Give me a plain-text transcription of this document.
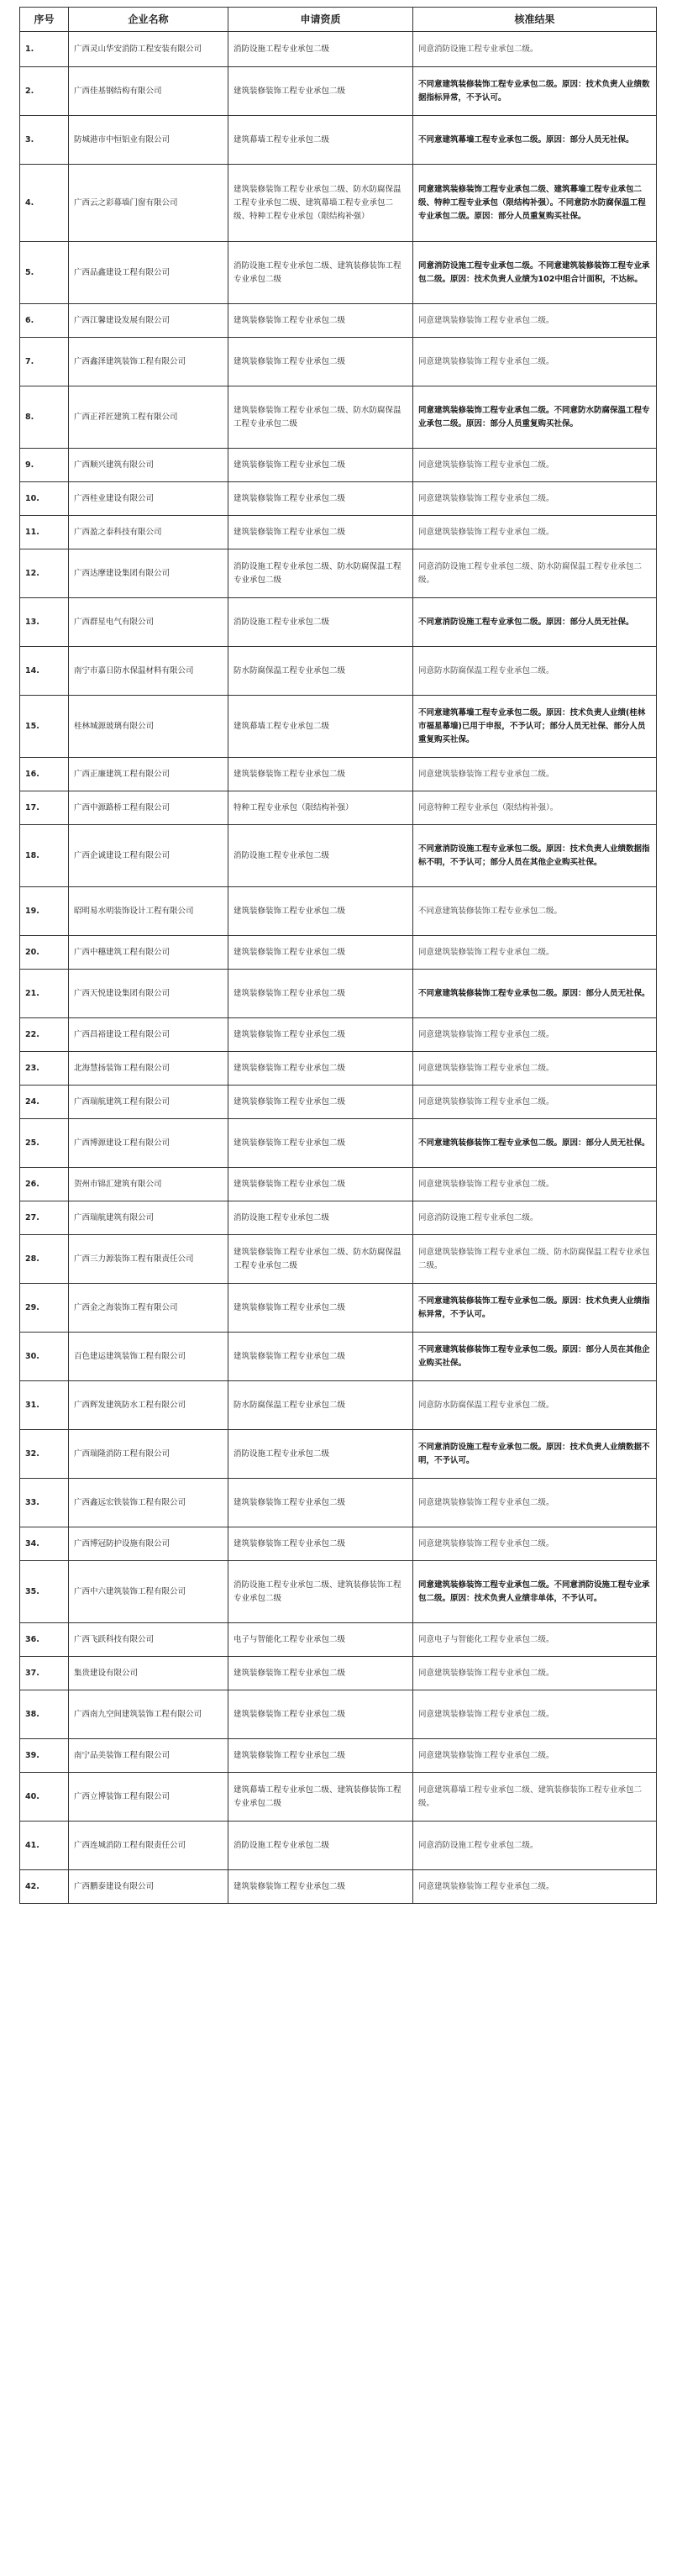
序号	企业名称	申请资质	核准结果
1.	广西灵山华安消防工程安装有限公司	消防设施工程专业承包二级	同意消防设施工程专业承包二级。
2.	广西佳基钢结构有限公司	建筑装修装饰工程专业承包二级	不同意建筑装修装饰工程专业承包二级。原因：技术负责人业绩数据指标异常，不予认可。
3.	防城港市中恒铝业有限公司	建筑幕墙工程专业承包二级	不同意建筑幕墙工程专业承包二级。原因：部分人员无社保。
4.	广西云之彩幕墙门窗有限公司	建筑装修装饰工程专业承包二级、防水防腐保温工程专业承包二级、建筑幕墙工程专业承包二级、特种工程专业承包（限结构补强）	同意建筑装修装饰工程专业承包二级、建筑幕墙工程专业承包二级、特种工程专业承包（限结构补强）。不同意防水防腐保温工程专业承包二级。原因：部分人员重复购买社保。
5.	广西品鑫建设工程有限公司	消防设施工程专业承包二级、建筑装修装饰工程专业承包二级	同意消防设施工程专业承包二级。不同意建筑装修装饰工程专业承包二级。原因：技术负责人业绩为102中组合计面积，不达标。
6.	广西江馨建设发展有限公司	建筑装修装饰工程专业承包二级	同意建筑装修装饰工程专业承包二级。
7.	广西鑫泽建筑装饰工程有限公司	建筑装修装饰工程专业承包二级	同意建筑装修装饰工程专业承包二级。
8.	广西正祥匠建筑工程有限公司	建筑装修装饰工程专业承包二级、防水防腐保温工程专业承包二级	同意建筑装修装饰工程专业承包二级。不同意防水防腐保温工程专业承包二级。原因：部分人员重复购买社保。
9.	广西顺兴建筑有限公司	建筑装修装饰工程专业承包二级	同意建筑装修装饰工程专业承包二级。
10.	广西桂业建设有限公司	建筑装修装饰工程专业承包二级	同意建筑装修装饰工程专业承包二级。
11.	广西盈之泰科技有限公司	建筑装修装饰工程专业承包二级	同意建筑装修装饰工程专业承包二级。
12.	广西达摩建设集团有限公司	消防设施工程专业承包二级、防水防腐保温工程专业承包二级	同意消防设施工程专业承包二级、防水防腐保温工程专业承包二级。
13.	广西群星电气有限公司	消防设施工程专业承包二级	不同意消防设施工程专业承包二级。原因：部分人员无社保。
14.	南宁市嘉日防水保温材料有限公司	防水防腐保温工程专业承包二级	同意防水防腐保温工程专业承包二级。
15.	桂林城源玻璃有限公司	建筑幕墙工程专业承包二级	不同意建筑幕墙工程专业承包二级。原因：技术负责人业绩(桂林市福星幕墙)已用于申报，不予认可；部分人员无社保、部分人员重复购买社保。
16.	广西正廉建筑工程有限公司	建筑装修装饰工程专业承包二级	同意建筑装修装饰工程专业承包二级。
17.	广西中源路桥工程有限公司	特种工程专业承包（限结构补强）	同意特种工程专业承包（限结构补强）。
18.	广西企诚建设工程有限公司	消防设施工程专业承包二级	不同意消防设施工程专业承包二级。原因：技术负责人业绩数据指标不明，不予认可；部分人员在其他企业购买社保。
19.	昭明易水明装饰设计工程有限公司	建筑装修装饰工程专业承包二级	不同意建筑装修装饰工程专业承包二级。
20.	广西中穗建筑工程有限公司	建筑装修装饰工程专业承包二级	同意建筑装修装饰工程专业承包二级。
21.	广西天悦建设集团有限公司	建筑装修装饰工程专业承包二级	不同意建筑装修装饰工程专业承包二级。原因：部分人员无社保。
22.	广西昌裕建设工程有限公司	建筑装修装饰工程专业承包二级	同意建筑装修装饰工程专业承包二级。
23.	北海慧扬装饰工程有限公司	建筑装修装饰工程专业承包二级	同意建筑装修装饰工程专业承包二级。
24.	广西瑞航建筑工程有限公司	建筑装修装饰工程专业承包二级	同意建筑装修装饰工程专业承包二级。
25.	广西博源建设工程有限公司	建筑装修装饰工程专业承包二级	不同意建筑装修装饰工程专业承包二级。原因：部分人员无社保。
26.	贺州市锦汇建筑有限公司	建筑装修装饰工程专业承包二级	同意建筑装修装饰工程专业承包二级。
27.	广西瑞航建筑有限公司	消防设施工程专业承包二级	同意消防设施工程专业承包二级。
28.	广西三力源装饰工程有限责任公司	建筑装修装饰工程专业承包二级、防水防腐保温工程专业承包二级	同意建筑装修装饰工程专业承包二级、防水防腐保温工程专业承包二级。
29.	广西金之海装饰工程有限公司	建筑装修装饰工程专业承包二级	不同意建筑装修装饰工程专业承包二级。原因：技术负责人业绩指标异常，不予认可。
30.	百色建运建筑装饰工程有限公司	建筑装修装饰工程专业承包二级	不同意建筑装修装饰工程专业承包二级。原因：部分人员在其他企业购买社保。
31.	广西辉发建筑防水工程有限公司	防水防腐保温工程专业承包二级	同意防水防腐保温工程专业承包二级。
32.	广西瑞隆消防工程有限公司	消防设施工程专业承包二级	不同意消防设施工程专业承包二级。原因：技术负责人业绩数据不明，不予认可。
33.	广西鑫远宏铁装饰工程有限公司	建筑装修装饰工程专业承包二级	同意建筑装修装饰工程专业承包二级。
34.	广西博冠防护设施有限公司	建筑装修装饰工程专业承包二级	同意建筑装修装饰工程专业承包二级。
35.	广西中六建筑装饰工程有限公司	消防设施工程专业承包二级、建筑装修装饰工程专业承包二级	同意建筑装修装饰工程专业承包二级。不同意消防设施工程专业承包二级。原因：技术负责人业绩非单体，不予认可。
36.	广西飞跃科技有限公司	电子与智能化工程专业承包二级	同意电子与智能化工程专业承包二级。
37.	集贵建设有限公司	建筑装修装饰工程专业承包二级	同意建筑装修装饰工程专业承包二级。
38.	广西南九空间建筑装饰工程有限公司	建筑装修装饰工程专业承包二级	同意建筑装修装饰工程专业承包二级。
39.	南宁品美装饰工程有限公司	建筑装修装饰工程专业承包二级	同意建筑装修装饰工程专业承包二级。
40.	广西立博装饰工程有限公司	建筑幕墙工程专业承包二级、建筑装修装饰工程专业承包二级	同意建筑幕墙工程专业承包二级、建筑装修装饰工程专业承包二级。
41.	广西连城消防工程有限责任公司	消防设施工程专业承包二级	同意消防设施工程专业承包二级。
42.	广西鹏泰建设有限公司	建筑装修装饰工程专业承包二级	同意建筑装修装饰工程专业承包二级。
